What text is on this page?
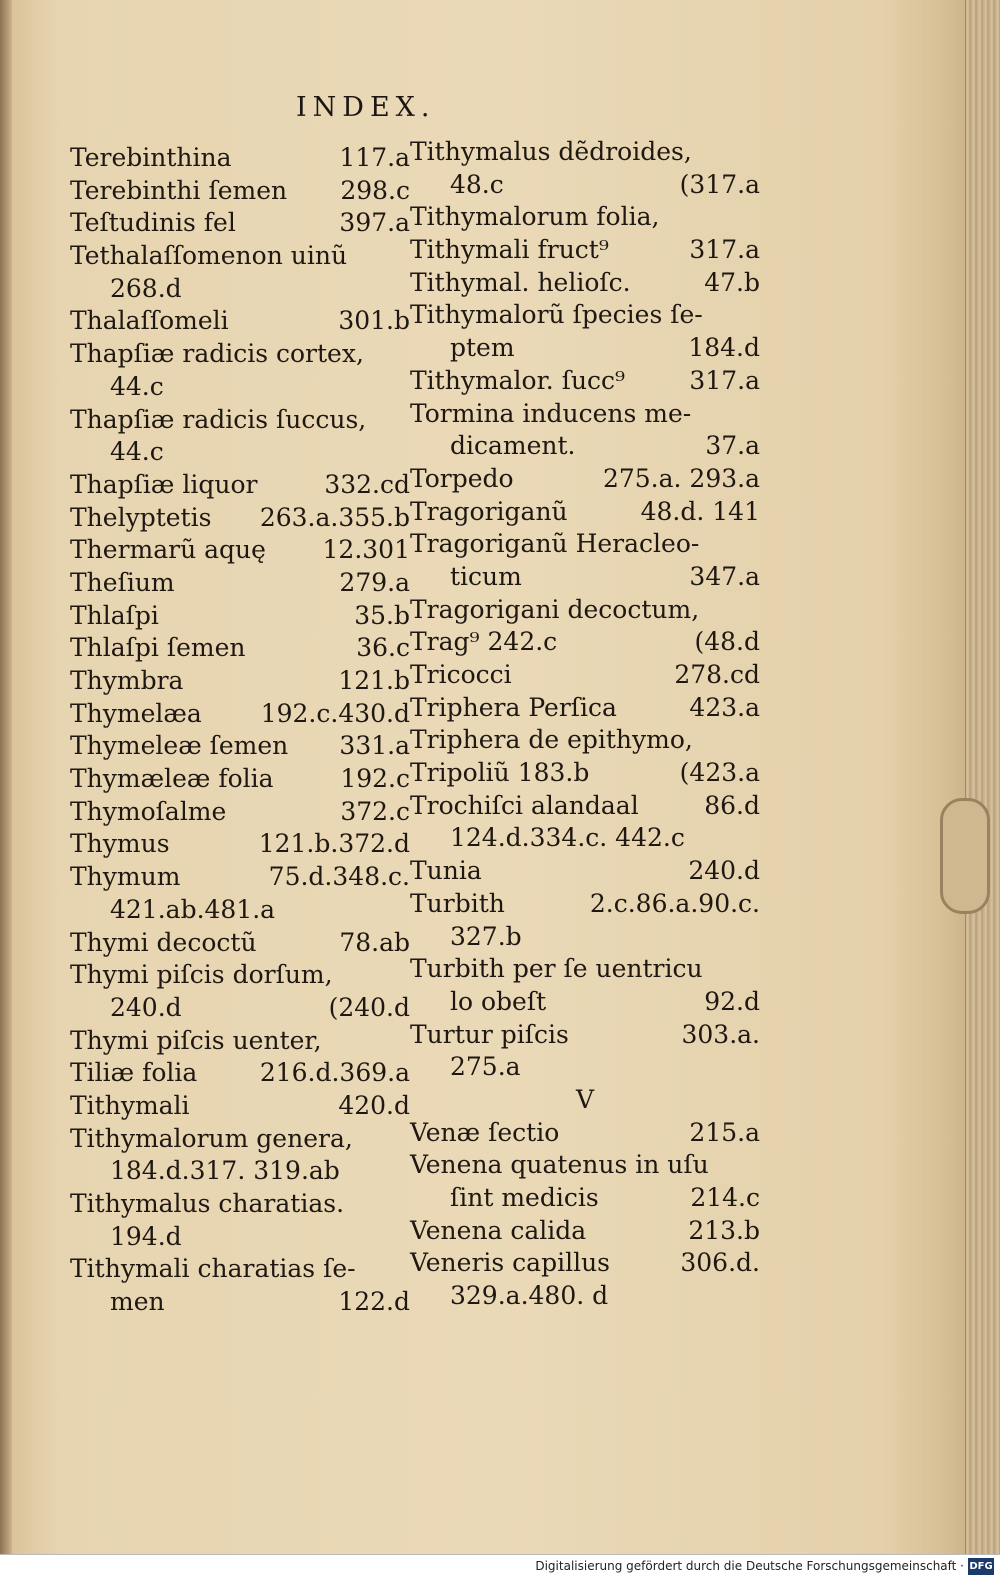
INDEX.
Terebinthina	117.a
Terebinthi ſemen 298.c
Teſtudinis fel	397.a
Tethalaſſomenon uinũ
268.d
Thalaſſomeli	301.b
Thapſiæ radicis cortex,
44.c
Thapſiæ radicis ſuccus,
44.c
Thapſiæ liquor	332.cd
Thelyptetis 263.a.355.b
Thermarũ aquę 12.301
Theſium	279.a
Thlaſpi	35.b
Thlaſpi ſemen	36.c
Thymbra	121.b
Thymelæa 192.c.430.d
Thymeleæ ſemen 331.a
Thymæleæ folia	192.c
Thymoſalme	372.c
Thymus	121.b.372.d
Thymum	75.d.348.c.
421.ab.481.a
Thymi decoctũ	78.ab
Thymi piſcis dorſum,
240.d	(240.d
Thymi piſcis uenter,
Tiliæ folia	216.d.369.a
Tithymali	420.d
Tithymalorum genera,
184.d.317. 319.ab
Tithymalus charatias.
194.d
Tithymali charatias ſe-
men	122.d
Tithymalus dẽdroides,
48.c	(317.a
Tithymalorum folia,
Tithymali fruct⁹	317.a
Tithymal. helioſc.	47.b
Tithymalorũ ſpecies ſe-
ptem	184.d
Tithymalor. ſucc⁹	317.a
Tormina inducens me-
dicament.	37.a
Torpedo	275.a. 293.a
Tragoriganũ	48.d. 141
Tragoriganũ Heracleo-
ticum	347.a
Tragorigani decoctum,
Trag⁹ 242.c	(48.d
Tricocci	278.cd
Triphera Perſica	423.a
Triphera de epithymo,
Tripoliũ 183.b	(423.a
Trochiſci alandaal	86.d
124.d.334.c. 442.c
Tunia	240.d
Turbith	2.c.86.a.90.c.
327.b
Turbith per ſe uentricu
lo obeſt	92.d
Turtur piſcis	303.a.
275.a
V
Venæ ſectio	215.a
Venena quatenus in uſu
ſint medicis	214.c
Venena calida	213.b
Veneris capillus	306.d.
329.a.480. d
Digitalisierung gefördert durch die Deutsche Forschungsgemeinschaft · DFG
